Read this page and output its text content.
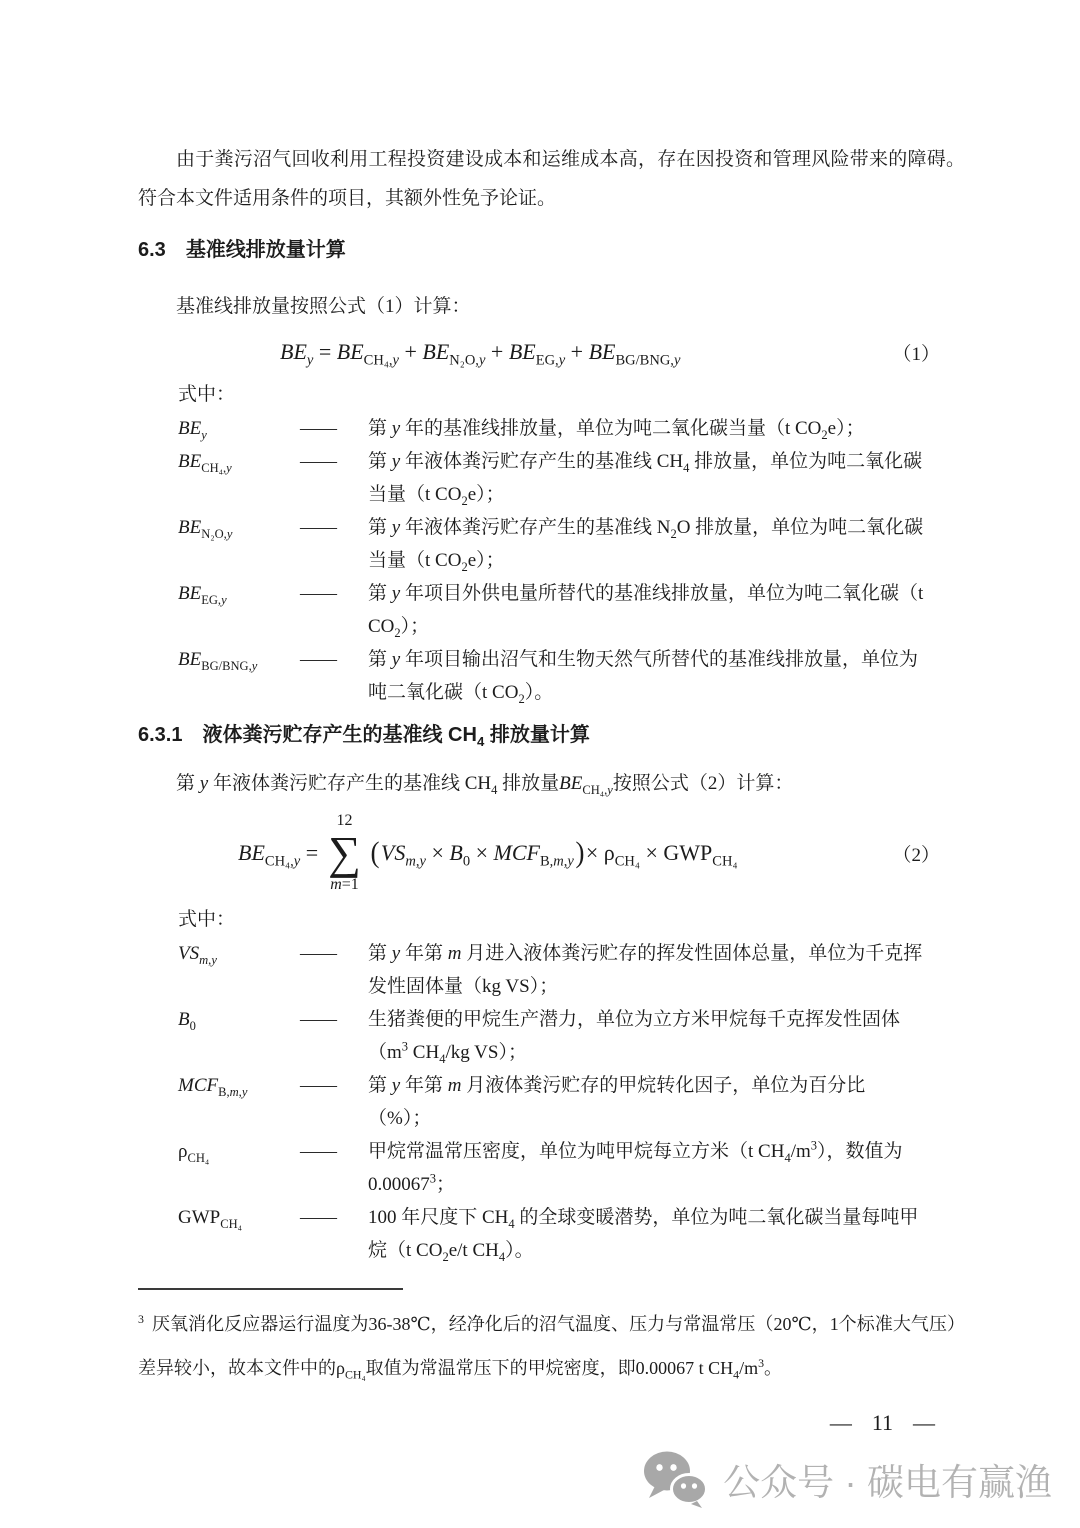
由于粪污沼气回收利用工程投资建设成本和运维成本高，存在因投资和管理风险带来的障碍。符合本文件适用条件的项目，其额外性免予论证。

6.3 基准线排放量计算

基准线排放量按照公式（1）计算：

$BE_y = BE_{CH_4,y} + BE_{N_2O,y} + BE_{EG,y} + BE_{BG/BNG,y}$	（1）
式中：
$BE_y$	——	第 y 年的基准线排放量，单位为吨二氧化碳当量（t $CO_2e$）；
$BE_{CH_4,y}$	——	第 y 年液体粪污贮存产生的基准线 $CH_4$ 排放量，单位为吨二氧化碳
当量（t $CO_2e$）；
$BE_{N_2O,y}$	——	第 y 年液体粪污贮存产生的基准线 $N_2O$ 排放量，单位为吨二氧化碳
当量（t $CO_2e$）；
$BE_{EG,y}$	——	第 y 年项目外供电量所替代的基准线排放量，单位为吨二氧化碳（t
$CO_2$）；
$BE_{BG/BNG,y}$	——	第 y 年项目输出沼气和生物天然气所替代的基准线排放量，单位为
吨二氧化碳（t $CO_2$）。
6.3.1 液体粪污贮存产生的基准线 $CH_4$ 排放量计算

第 y 年液体粪污贮存产生的基准线 $CH_4$ 排放量$BE_{CH_4,y}$按照公式（2）计算：

$BE_{CH_4,y}$ =
12
∑
m=1
( $VS_{m,y} \times B_0 \times MCF_{B,m,y}$ ) × $\rho_{CH_4} \times GWP_{CH_4}$	（2）
式中：
$VS_{m,y}$	——	第 y 年第 m 月进入液体粪污贮存的挥发性固体总量，单位为千克挥
发性固体量（kg VS）；
$B_0$	——	生猪粪便的甲烷生产潜力，单位为立方米甲烷每千克挥发性固体
（$m^3$ $CH_4/kg$ VS）；
$MCF_{B,m,y}$	——	第 y 年第 m 月液体粪污贮存的甲烷转化因子，单位为百分比
（%）；
$\rho_{CH_4}$	——	甲烷常温常压密度，单位为吨甲烷每立方米（t $CH_4/m^3$），数值为
0.00067$^3$；
$GWP_{CH_4}$	——	100 年尺度下 $CH_4$ 的全球变暖潜势，单位为吨二氧化碳当量每吨甲
烷（t $CO_2e/t$ $CH_4$）。

$^3$ 厌氧消化反应器运行温度为36-38℃，经净化后的沼气温度、压力与常温常压（20℃，1个标准大气压）差异较小，故本文件中的$\rho_{CH_4}$取值为常温常压下的甲烷密度，即0.00067 t $CH_4/m^3$。

— 11 —
公众号 · 碳电有赢渔
